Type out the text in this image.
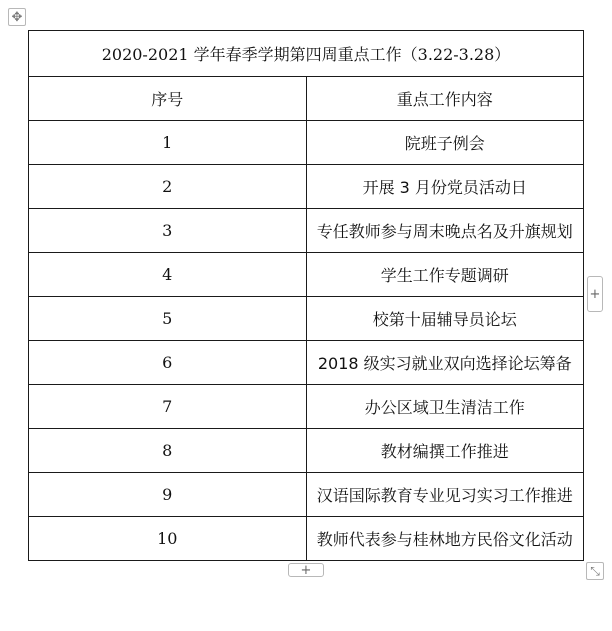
✥
2020-2021 学年春季学期第四周重点工作（3.22-3.28）	
序号	重点工作内容
1	院班子例会
2	开展 3 月份党员活动日
3	专任教师参与周末晚点名及升旗规划
4	学生工作专题调研
5	校第十届辅导员论坛
6	2018 级实习就业双向选择论坛筹备
7	办公区域卫生清洁工作
8	教材编撰工作推进
9	汉语国际教育专业见习实习工作推进
10	教师代表参与桂林地方民俗文化活动
+
+	⤡
